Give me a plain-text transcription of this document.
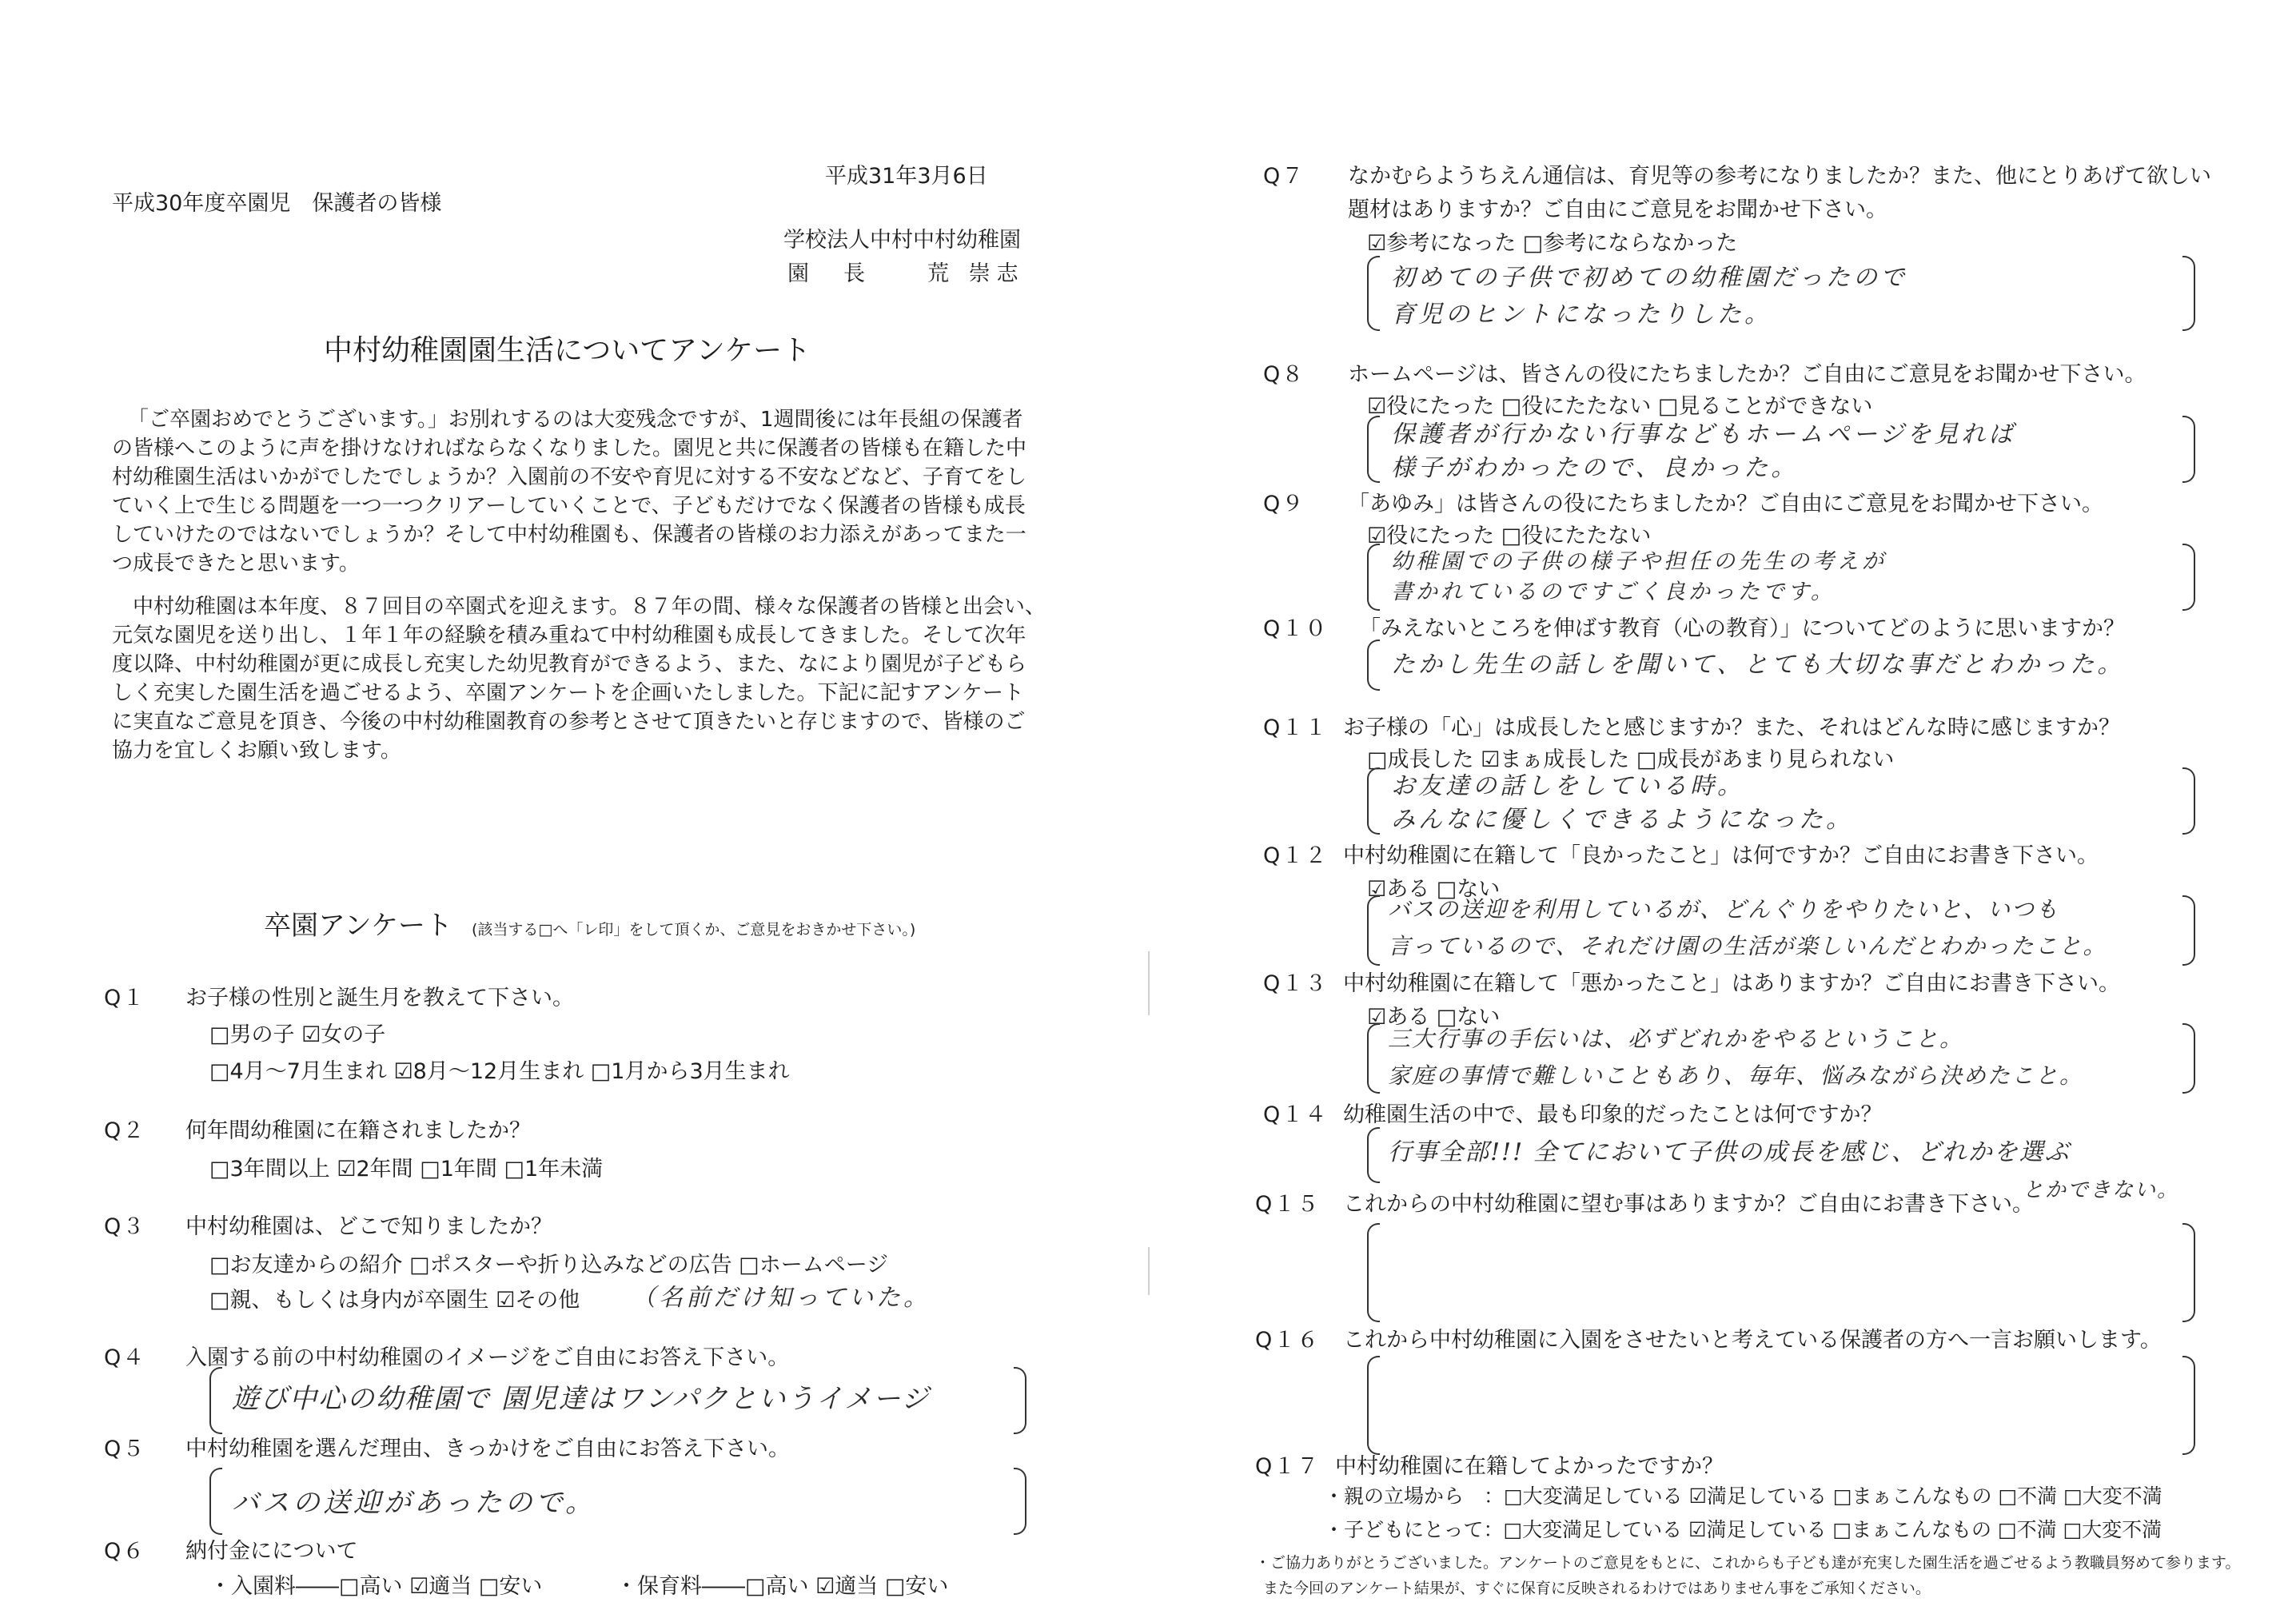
平成30年度卒園児　保護者の皆様
平成31年3月6日
学校法人中村中村幼稚園
園　長　　荒 崇志
中村幼稚園園生活についてアンケート
「ご卒園おめでとうございます。」お別れするのは大変残念ですが、1週間後には年長組の保護者
の皆様へこのように声を掛けなければならなくなりました。園児と共に保護者の皆様も在籍した中
村幼稚園生活はいかがでしたでしょうか？入園前の不安や育児に対する不安などなど、子育てをし
ていく上で生じる問題を一つ一つクリアーしていくことで、子どもだけでなく保護者の皆様も成長
していけたのではないでしょうか？そして中村幼稚園も、保護者の皆様のお力添えがあってまた一
つ成長できたと思います。
　中村幼稚園は本年度、８７回目の卒園式を迎えます。８７年の間、様々な保護者の皆様と出会い、
元気な園児を送り出し、１年１年の経験を積み重ねて中村幼稚園も成長してきました。そして次年
度以降、中村幼稚園が更に成長し充実した幼児教育ができるよう、また、なにより園児が子どもら
しく充実した園生活を過ごせるよう、卒園アンケートを企画いたしました。下記に記すアンケート
に実直なご意見を頂き、今後の中村幼稚園教育の参考とさせて頂きたいと存じますので、皆様のご
協力を宜しくお願い致します。
卒園アンケート (該当する□へ「レ印」をして頂くか、ご意見をおきかせ下さい。)
Q１ お子様の性別と誕生月を教えて下さい。
□男の子 ☑女の子
□4月～7月生まれ ☑8月～12月生まれ □1月から3月生まれ
Q２ 何年間幼稚園に在籍されましたか？
□3年間以上 ☑2年間 □1年間 □1年未満
Q３ 中村幼稚園は、どこで知りましたか？
□お友達からの紹介 □ポスターや折り込みなどの広告 □ホームページ
□親、もしくは身内が卒園生 ☑その他 （名前だけ知っていた。
Q４ 入園する前の中村幼稚園のイメージをご自由にお答え下さい。
遊び中心の幼稚園で 園児達はワンパクというイメージ
Q５ 中村幼稚園を選んだ理由、きっかけをご自由にお答え下さい。
バスの送迎があったので。
Q６ 納付金にについて
・入園料――□高い ☑適当 □安い	・保育料――□高い ☑適当 □安い
Q７ なかむらようちえん通信は、育児等の参考になりましたか？また、他にとりあげて欲しい
題材はありますか？ご自由にご意見をお聞かせ下さい。
☑参考になった □参考にならなかった
初めての子供で初めての幼稚園だったので
育児のヒントになったりした。
Q８ ホームページは、皆さんの役にたちましたか？ご自由にご意見をお聞かせ下さい。
☑役にたった □役にたたない □見ることができない
保護者が行かない行事などもホームページを見れば
様子がわかったので、良かった。
Q９ 「あゆみ」は皆さんの役にたちましたか？ご自由にご意見をお聞かせ下さい。
☑役にたった □役にたたない
幼稚園での子供の様子や担任の先生の考えが
書かれているのですごく良かったです。
Q１０ 「みえないところを伸ばす教育（心の教育）」についてどのように思いますか？
たかし先生の話しを聞いて、とても大切な事だとわかった。
Q１１ お子様の「心」は成長したと感じますか？また、それはどんな時に感じますか？
□成長した ☑まぁ成長した □成長があまり見られない
お友達の話しをしている時。
みんなに優しくできるようになった。
Q１２ 中村幼稚園に在籍して「良かったこと」は何ですか？ご自由にお書き下さい。
☑ある □ない
バスの送迎を利用しているが、どんぐりをやりたいと、いつも
言っているので、それだけ園の生活が楽しいんだとわかったこと。
Q１３ 中村幼稚園に在籍して「悪かったこと」はありますか？ご自由にお書き下さい。
☑ある □ない
三大行事の手伝いは、必ずどれかをやるということ。
家庭の事情で難しいこともあり、毎年、悩みながら決めたこと。
Q１４ 幼稚園生活の中で、最も印象的だったことは何ですか？
行事全部!!! 全てにおいて子供の成長を感じ、どれかを選ぶ
とかできない。
Q１５ これからの中村幼稚園に望む事はありますか？ご自由にお書き下さい。
Q１６ これから中村幼稚園に入園をさせたいと考えている保護者の方へ一言お願いします。
Q１７ 中村幼稚園に在籍してよかったですか？
・親の立場から　：□大変満足している ☑満足している □まぁこんなもの □不満 □大変不満
・子どもにとって：□大変満足している ☑満足している □まぁこんなもの □不満 □大変不満
・ご協力ありがとうございました。アンケートのご意見をもとに、これからも子ども達が充実した園生活を過ごせるよう教職員努めて参ります。
また今回のアンケート結果が、すぐに保育に反映されるわけではありません事をご承知ください。
